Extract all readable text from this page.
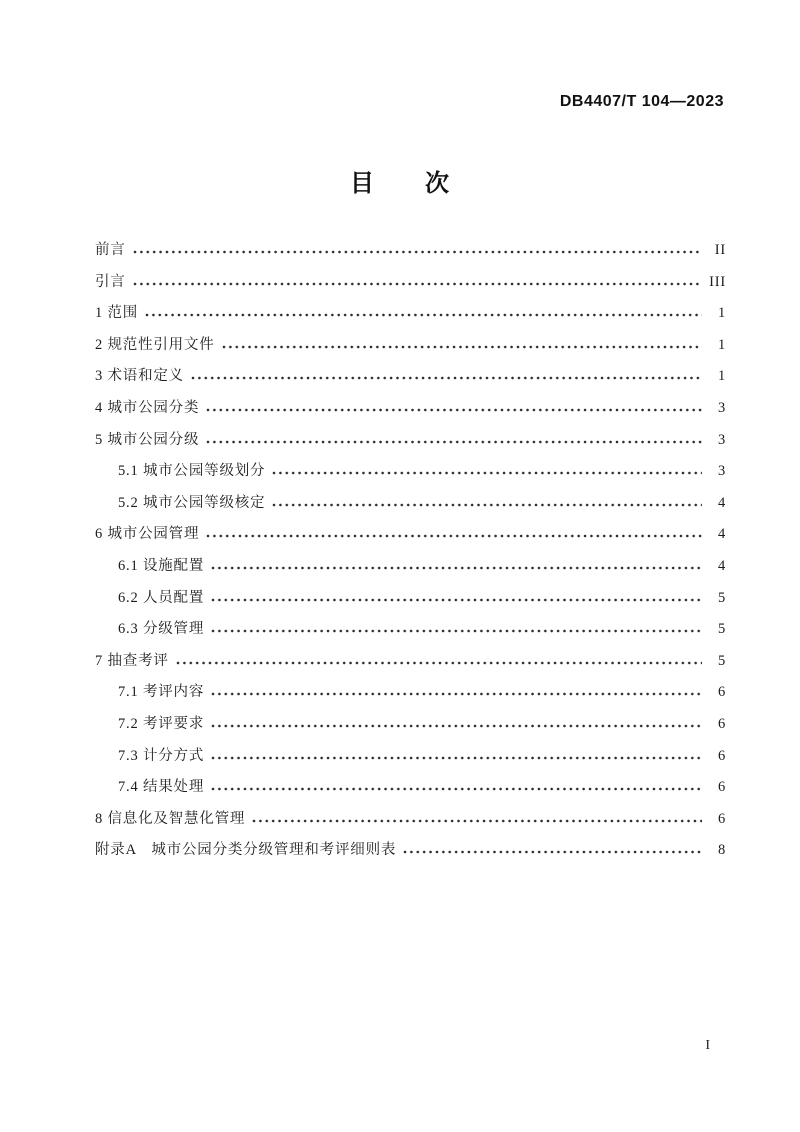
DB4407/T 104—2023
目　　次
前言	II
引言	III
1 范围	1
2 规范性引用文件	1
3 术语和定义	1
4 城市公园分类	3
5 城市公园分级	3
5.1 城市公园等级划分	3
5.2 城市公园等级核定	4
6 城市公园管理	4
6.1 设施配置	4
6.2 人员配置	5
6.3 分级管理	5
7 抽查考评	5
7.1 考评内容	6
7.2 考评要求	6
7.3 计分方式	6
7.4 结果处理	6
8 信息化及智慧化管理	6
附录A　城市公园分类分级管理和考评细则表	8
I
